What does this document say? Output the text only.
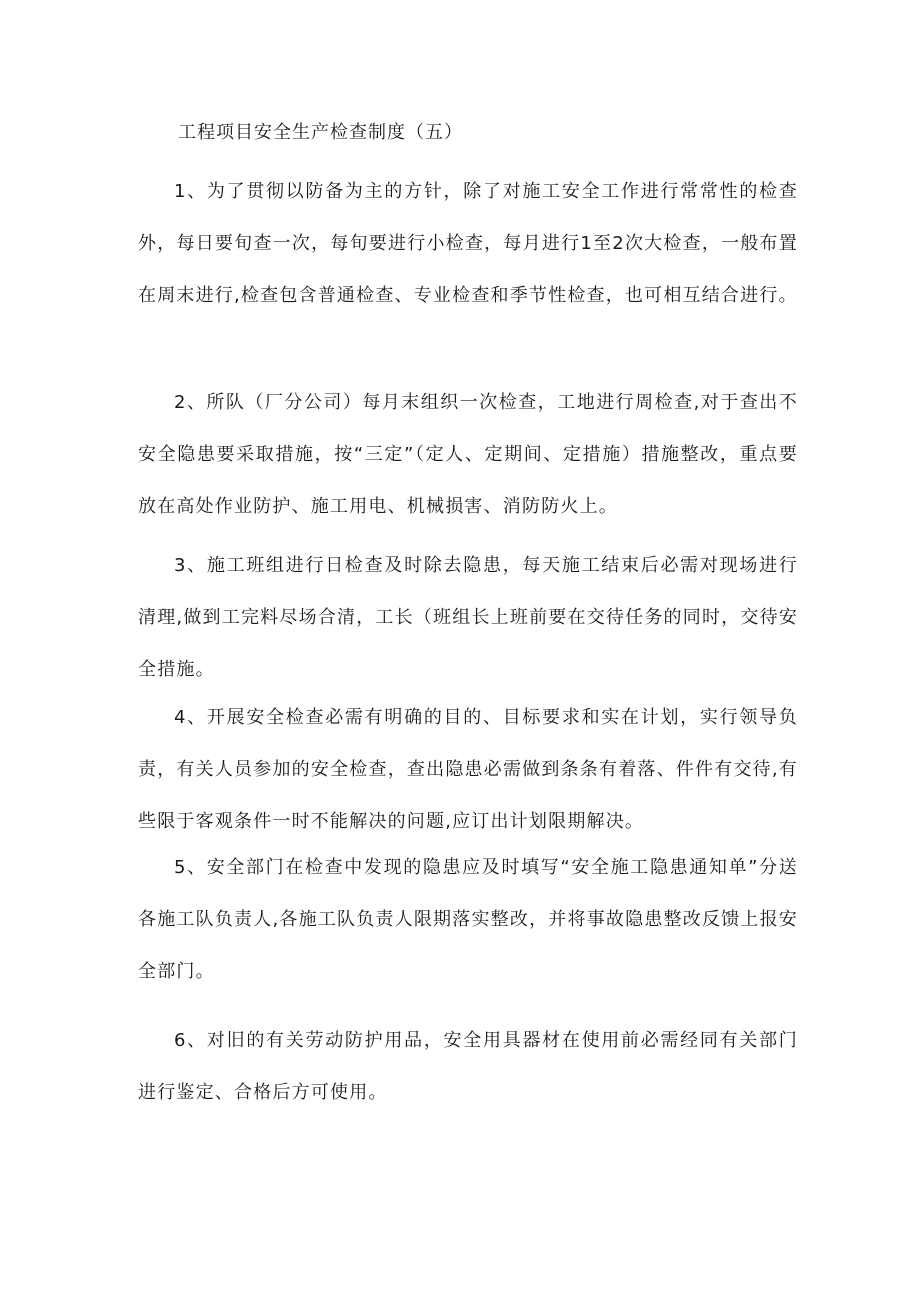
工程项目安全生产检查制度（五）

1、为了贯彻以防备为主的方针，除了对施工安全工作进行常常性的检查外，每日要旬查一次，每旬要进行小检查，每月进行1至2次大检查，一般布置在周末进行,检查包含普通检查、专业检查和季节性检查，也可相互结合进行。

2、所队（厂分公司）每月末组织一次检查，工地进行周检查,对于查出不安全隐患要采取措施，按“三定”（定人、定期间、定措施）措施整改，重点要放在高处作业防护、施工用电、机械损害、消防防火上。

3、施工班组进行日检查及时除去隐患，每天施工结束后必需对现场进行清理,做到工完料尽场合清，工长（班组长上班前要在交待任务的同时，交待安全措施。

4、开展安全检查必需有明确的目的、目标要求和实在计划，实行领导负责，有关人员参加的安全检查，查出隐患必需做到条条有着落、件件有交待,有些限于客观条件一时不能解决的问题,应订出计划限期解决。

5、安全部门在检查中发现的隐患应及时填写“安全施工隐患通知单”分送各施工队负责人,各施工队负责人限期落实整改，并将事故隐患整改反馈上报安全部门。

6、对旧的有关劳动防护用品，安全用具器材在使用前必需经同有关部门进行鉴定、合格后方可使用。
